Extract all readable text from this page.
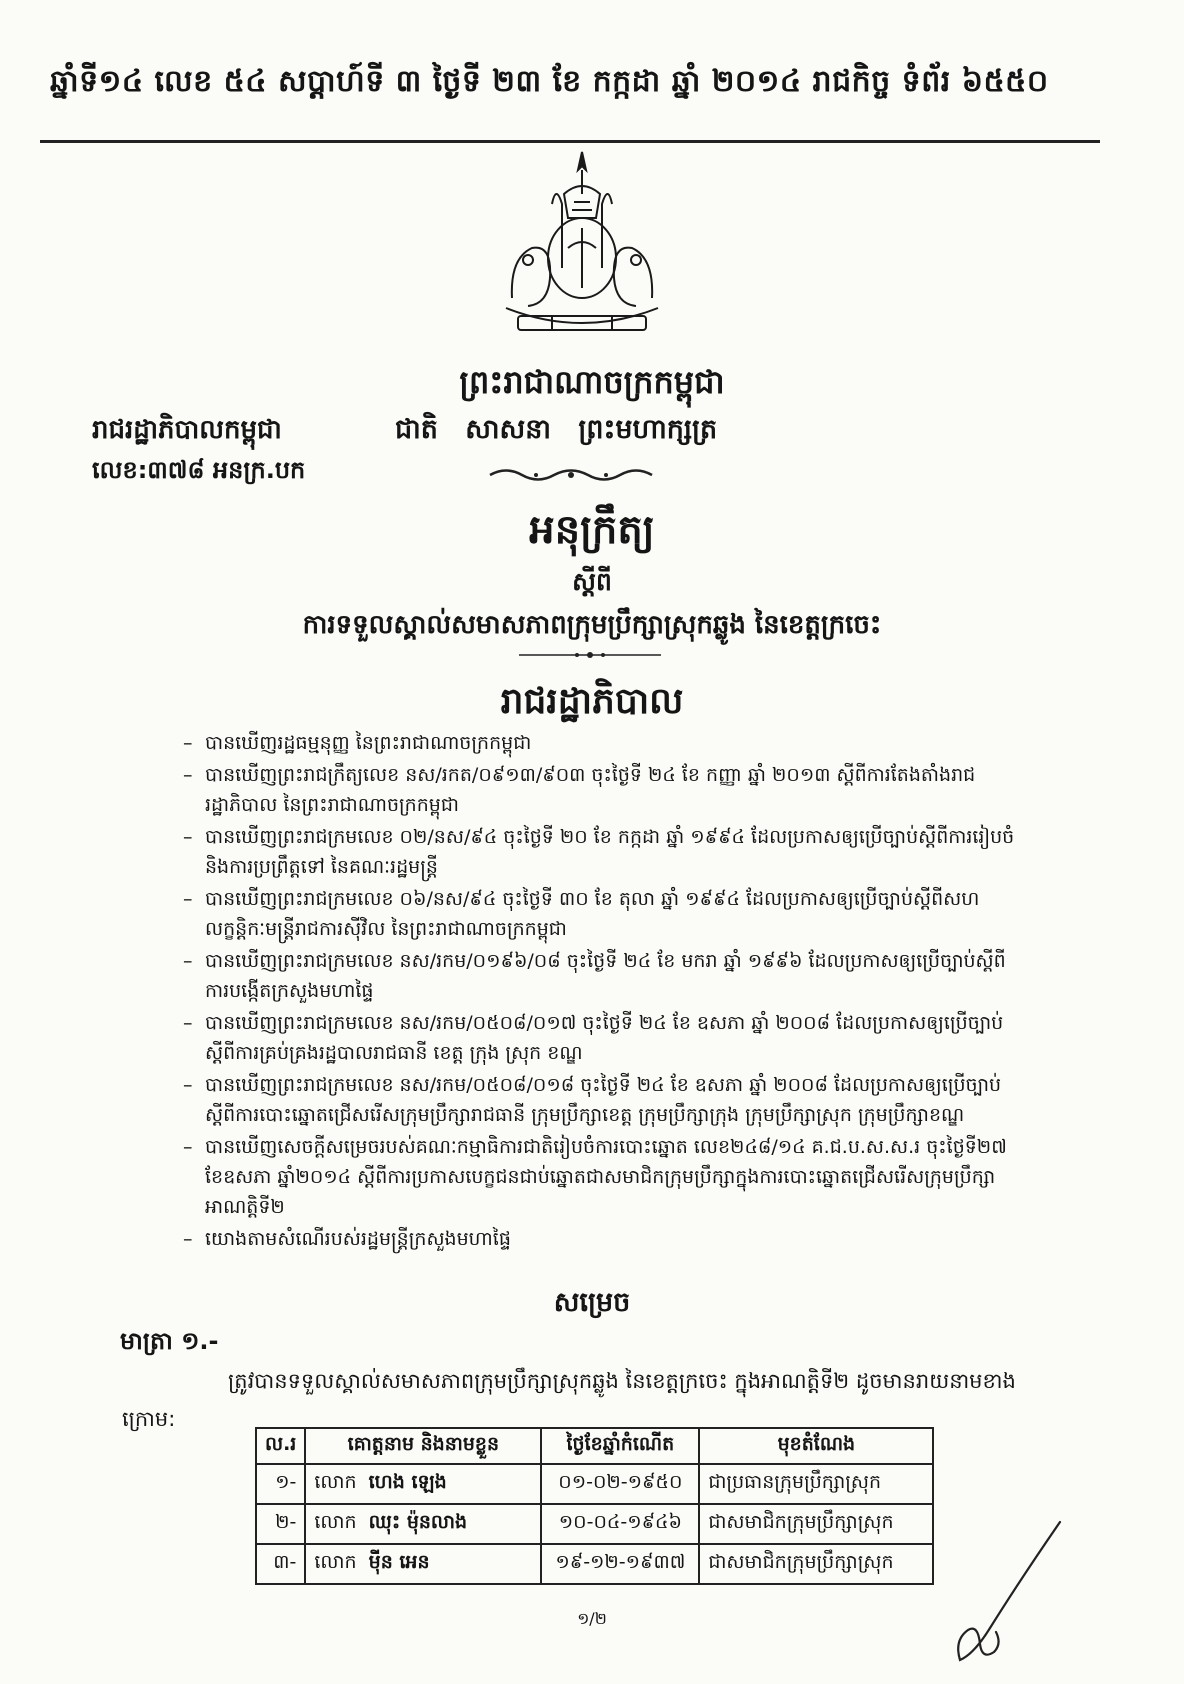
ឆ្នាំទី១៤ លេខ ៥៤ សប្ដាហ៍ទី ៣ ថ្ងៃទី ២៣ ខែ កក្កដា ឆ្នាំ ២០១៤ រាជកិច្ច ទំព័រ ៦៥៥០
ព្រះរាជាណាចក្រកម្ពុជា
រាជរដ្ឋាភិបាលកម្ពុជា	ជាតិ សាសនា ព្រះមហាក្សត្រ
លេខ:៣៧៨ អនក្រ.បក
អនុក្រឹត្យ
ស្ដីពី
ការទទួលស្គាល់សមាសភាពក្រុមប្រឹក្សាស្រុកឆ្លូង នៃខេត្តក្រចេះ
រាជរដ្ឋាភិបាល
– បានឃើញរដ្ឋធម្មនុញ្ញ នៃព្រះរាជាណាចក្រកម្ពុជា
– បានឃើញព្រះរាជក្រឹត្យលេខ នស/រកត/០៩១៣/៩០៣ ចុះថ្ងៃទី ២៤ ខែ កញ្ញា ឆ្នាំ ២០១៣ ស្ដីពីការតែងតាំងរាជរដ្ឋាភិបាល នៃព្រះរាជាណាចក្រកម្ពុជា
– បានឃើញព្រះរាជក្រមលេខ ០២/នស/៩៤ ចុះថ្ងៃទី ២០ ខែ កក្កដា ឆ្នាំ ១៩៩៤ ដែលប្រកាសឲ្យប្រើច្បាប់ស្ដីពីការរៀបចំ និងការប្រព្រឹត្តទៅ នៃគណៈរដ្ឋមន្ត្រី
– បានឃើញព្រះរាជក្រមលេខ ០៦/នស/៩៤ ចុះថ្ងៃទី ៣០ ខែ តុលា ឆ្នាំ ១៩៩៤ ដែលប្រកាសឲ្យប្រើច្បាប់ស្ដីពីសហលក្ខន្តិកៈមន្ត្រីរាជការស៊ីវិល នៃព្រះរាជាណាចក្រកម្ពុជា
– បានឃើញព្រះរាជក្រមលេខ នស/រកម/០១៩៦/០៨ ចុះថ្ងៃទី ២៤ ខែ មករា ឆ្នាំ ១៩៩៦ ដែលប្រកាសឲ្យប្រើច្បាប់ស្ដីពីការបង្កើតក្រសួងមហាផ្ទៃ
– បានឃើញព្រះរាជក្រមលេខ នស/រកម/០៥០៨/០១៧ ចុះថ្ងៃទី ២៤ ខែ ឧសភា ឆ្នាំ ២០០៨ ដែលប្រកាសឲ្យប្រើច្បាប់ស្ដីពីការគ្រប់គ្រងរដ្ឋបាលរាជធានី ខេត្ត ក្រុង ស្រុក ខណ្ឌ
– បានឃើញព្រះរាជក្រមលេខ នស/រកម/០៥០៨/០១៨ ចុះថ្ងៃទី ២៤ ខែ ឧសភា ឆ្នាំ ២០០៨ ដែលប្រកាសឲ្យប្រើច្បាប់ស្ដីពីការបោះឆ្នោតជ្រើសរើសក្រុមប្រឹក្សារាជធានី ក្រុមប្រឹក្សាខេត្ត ក្រុមប្រឹក្សាក្រុង ក្រុមប្រឹក្សាស្រុក ក្រុមប្រឹក្សាខណ្ឌ
– បានឃើញសេចក្ដីសម្រេចរបស់គណៈកម្មាធិការជាតិរៀបចំការបោះឆ្នោត លេខ២៤៨/១៤ គ.ជ.ប.ស.ស.រ ចុះថ្ងៃទី២៧ ខែឧសភា ឆ្នាំ២០១៤ ស្ដីពីការប្រកាសបេក្ខជនជាប់ឆ្នោតជាសមាជិកក្រុមប្រឹក្សាក្នុងការបោះឆ្នោតជ្រើសរើសក្រុមប្រឹក្សា អាណត្តិទី២
– យោងតាមសំណើរបស់រដ្ឋមន្ត្រីក្រសួងមហាផ្ទៃ
សម្រេច
មាត្រា ១.-
ត្រូវបានទទួលស្គាល់សមាសភាពក្រុមប្រឹក្សាស្រុកឆ្លូង នៃខេត្តក្រចេះ ក្នុងអាណត្តិទី២ ដូចមានរាយនាមខាងក្រោម:
ល.រ	គោត្តនាម និងនាមខ្លួន	ថ្ងៃខែឆ្នាំកំណើត	មុខតំណែង
១-	លោក ហេង ឡេង	០១-០២-១៩៥០	ជាប្រធានក្រុមប្រឹក្សាស្រុក
២-	លោក ឈុះ ម៉ុនលាង	១០-០៤-១៩៤៦	ជាសមាជិកក្រុមប្រឹក្សាស្រុក
៣-	លោក ម៉ីន អេន	១៩-១២-១៩៣៧	ជាសមាជិកក្រុមប្រឹក្សាស្រុក
១/២
